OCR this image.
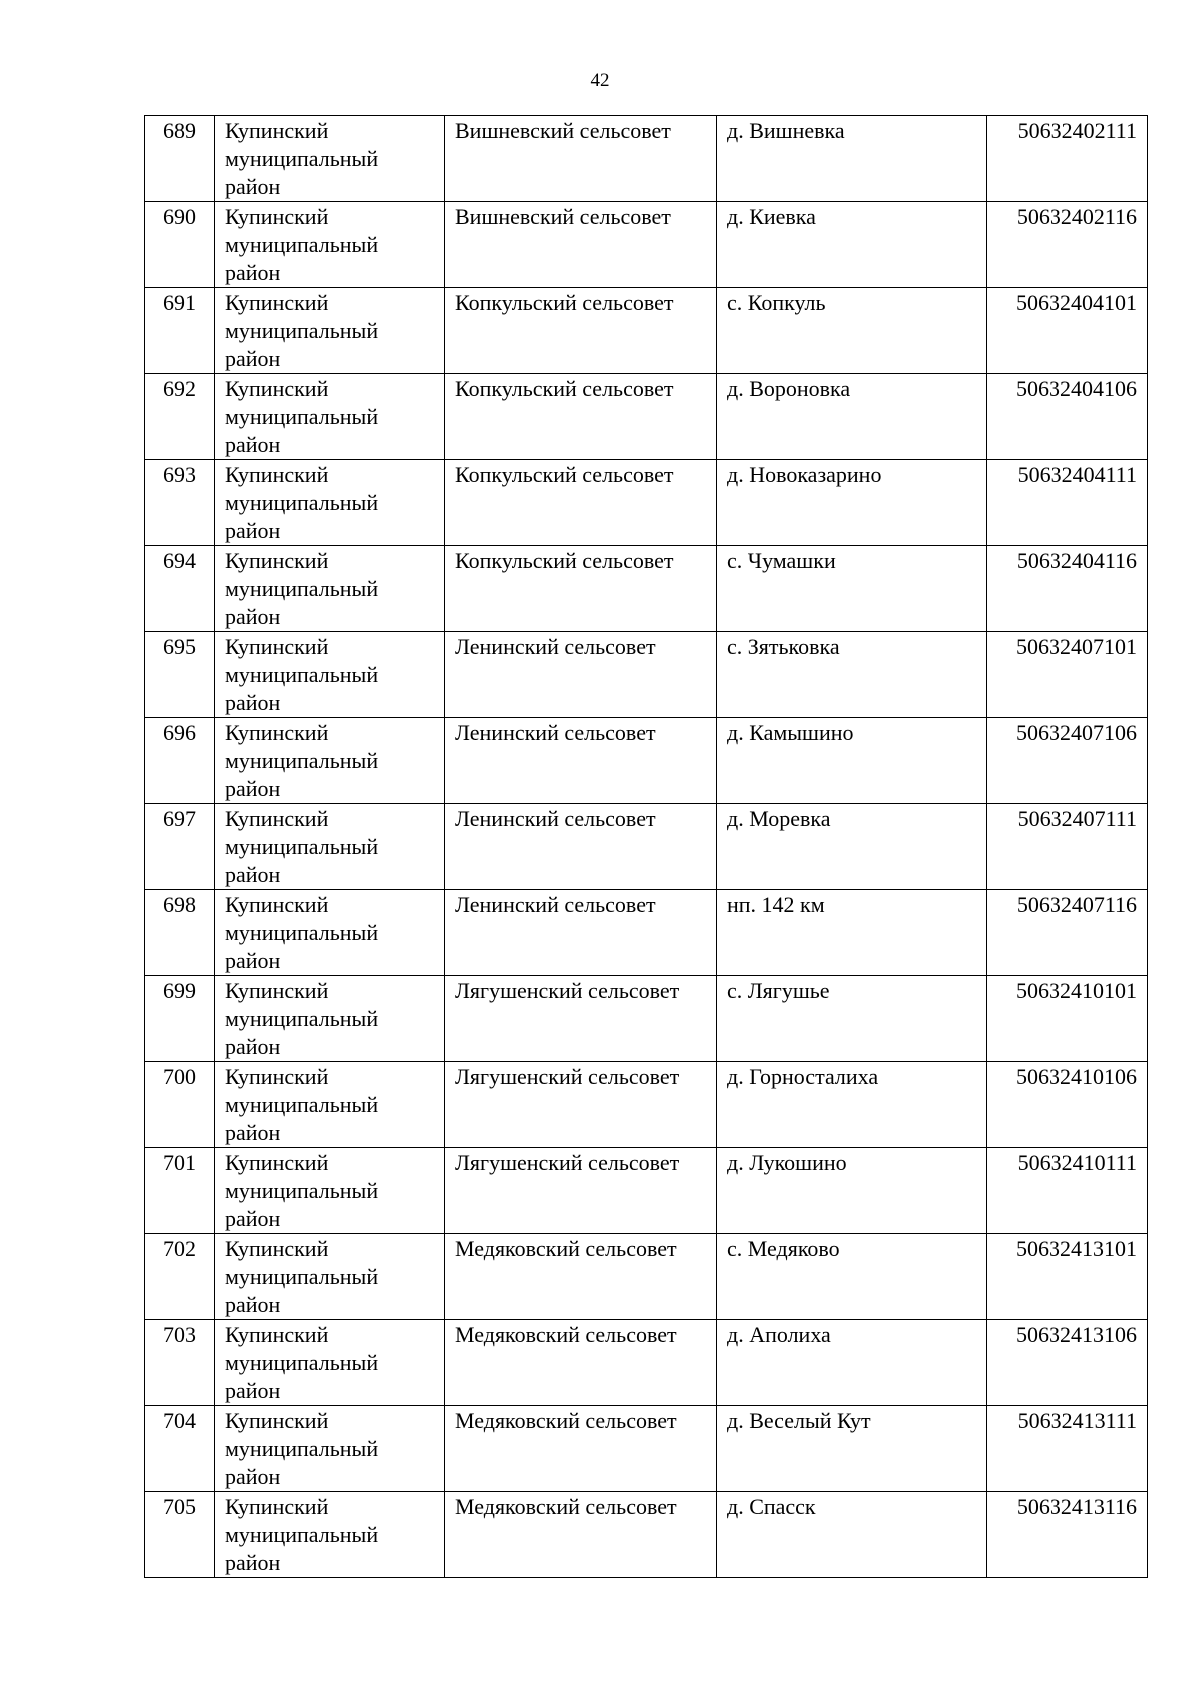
42
689	Купинский муниципальный район	Вишневский сельсовет	д. Вишневка	50632402111
690	Купинский муниципальный район	Вишневский сельсовет	д. Киевка	50632402116
691	Купинский муниципальный район	Копкульский сельсовет	с. Копкуль	50632404101
692	Купинский муниципальный район	Копкульский сельсовет	д. Вороновка	50632404106
693	Купинский муниципальный район	Копкульский сельсовет	д. Новоказарино	50632404111
694	Купинский муниципальный район	Копкульский сельсовет	с. Чумашки	50632404116
695	Купинский муниципальный район	Ленинский сельсовет	с. Зятьковка	50632407101
696	Купинский муниципальный район	Ленинский сельсовет	д. Камышино	50632407106
697	Купинский муниципальный район	Ленинский сельсовет	д. Моревка	50632407111
698	Купинский муниципальный район	Ленинский сельсовет	нп. 142 км	50632407116
699	Купинский муниципальный район	Лягушенский сельсовет	с. Лягушье	50632410101
700	Купинский муниципальный район	Лягушенский сельсовет	д. Горносталиха	50632410106
701	Купинский муниципальный район	Лягушенский сельсовет	д. Лукошино	50632410111
702	Купинский муниципальный район	Медяковский сельсовет	с. Медяково	50632413101
703	Купинский муниципальный район	Медяковский сельсовет	д. Аполиха	50632413106
704	Купинский муниципальный район	Медяковский сельсовет	д. Веселый Кут	50632413111
705	Купинский муниципальный район	Медяковский сельсовет	д. Спасск	50632413116
